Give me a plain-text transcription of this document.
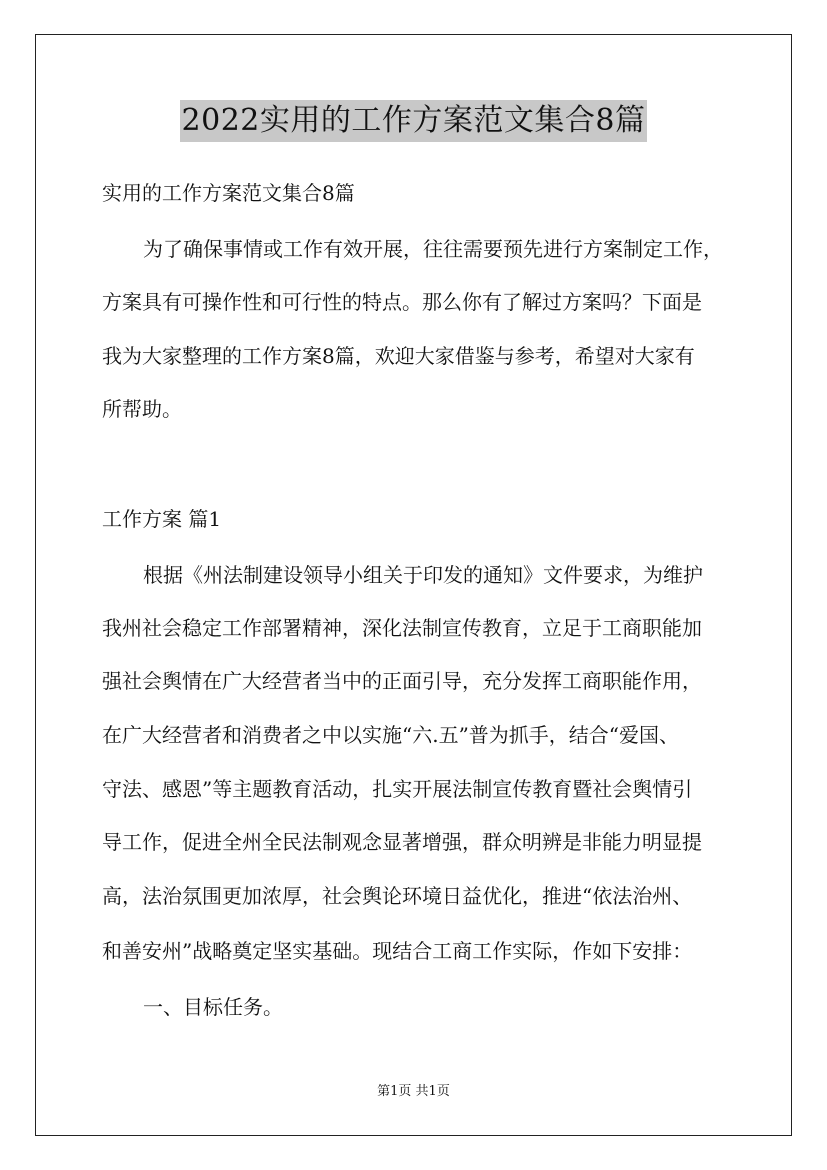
2022实用的工作方案范文集合8篇
实用的工作方案范文集合8篇
为了确保事情或工作有效开展，往往需要预先进行方案制定工作，
方案具有可操作性和可行性的特点。那么你有了解过方案吗？下面是
我为大家整理的工作方案8篇，欢迎大家借鉴与参考，希望对大家有
所帮助。
工作方案 篇1
根据《州法制建设领导小组关于印发的通知》文件要求，为维护
我州社会稳定工作部署精神，深化法制宣传教育，立足于工商职能加
强社会舆情在广大经营者当中的正面引导，充分发挥工商职能作用，
在广大经营者和消费者之中以实施“六.五”普为抓手，结合“爱国、
守法、感恩”等主题教育活动，扎实开展法制宣传教育暨社会舆情引
导工作，促进全州全民法制观念显著增强，群众明辨是非能力明显提
高，法治氛围更加浓厚，社会舆论环境日益优化，推进“依法治州、
和善安州”战略奠定坚实基础。现结合工商工作实际，作如下安排：
一、目标任务。
第1页 共1页
